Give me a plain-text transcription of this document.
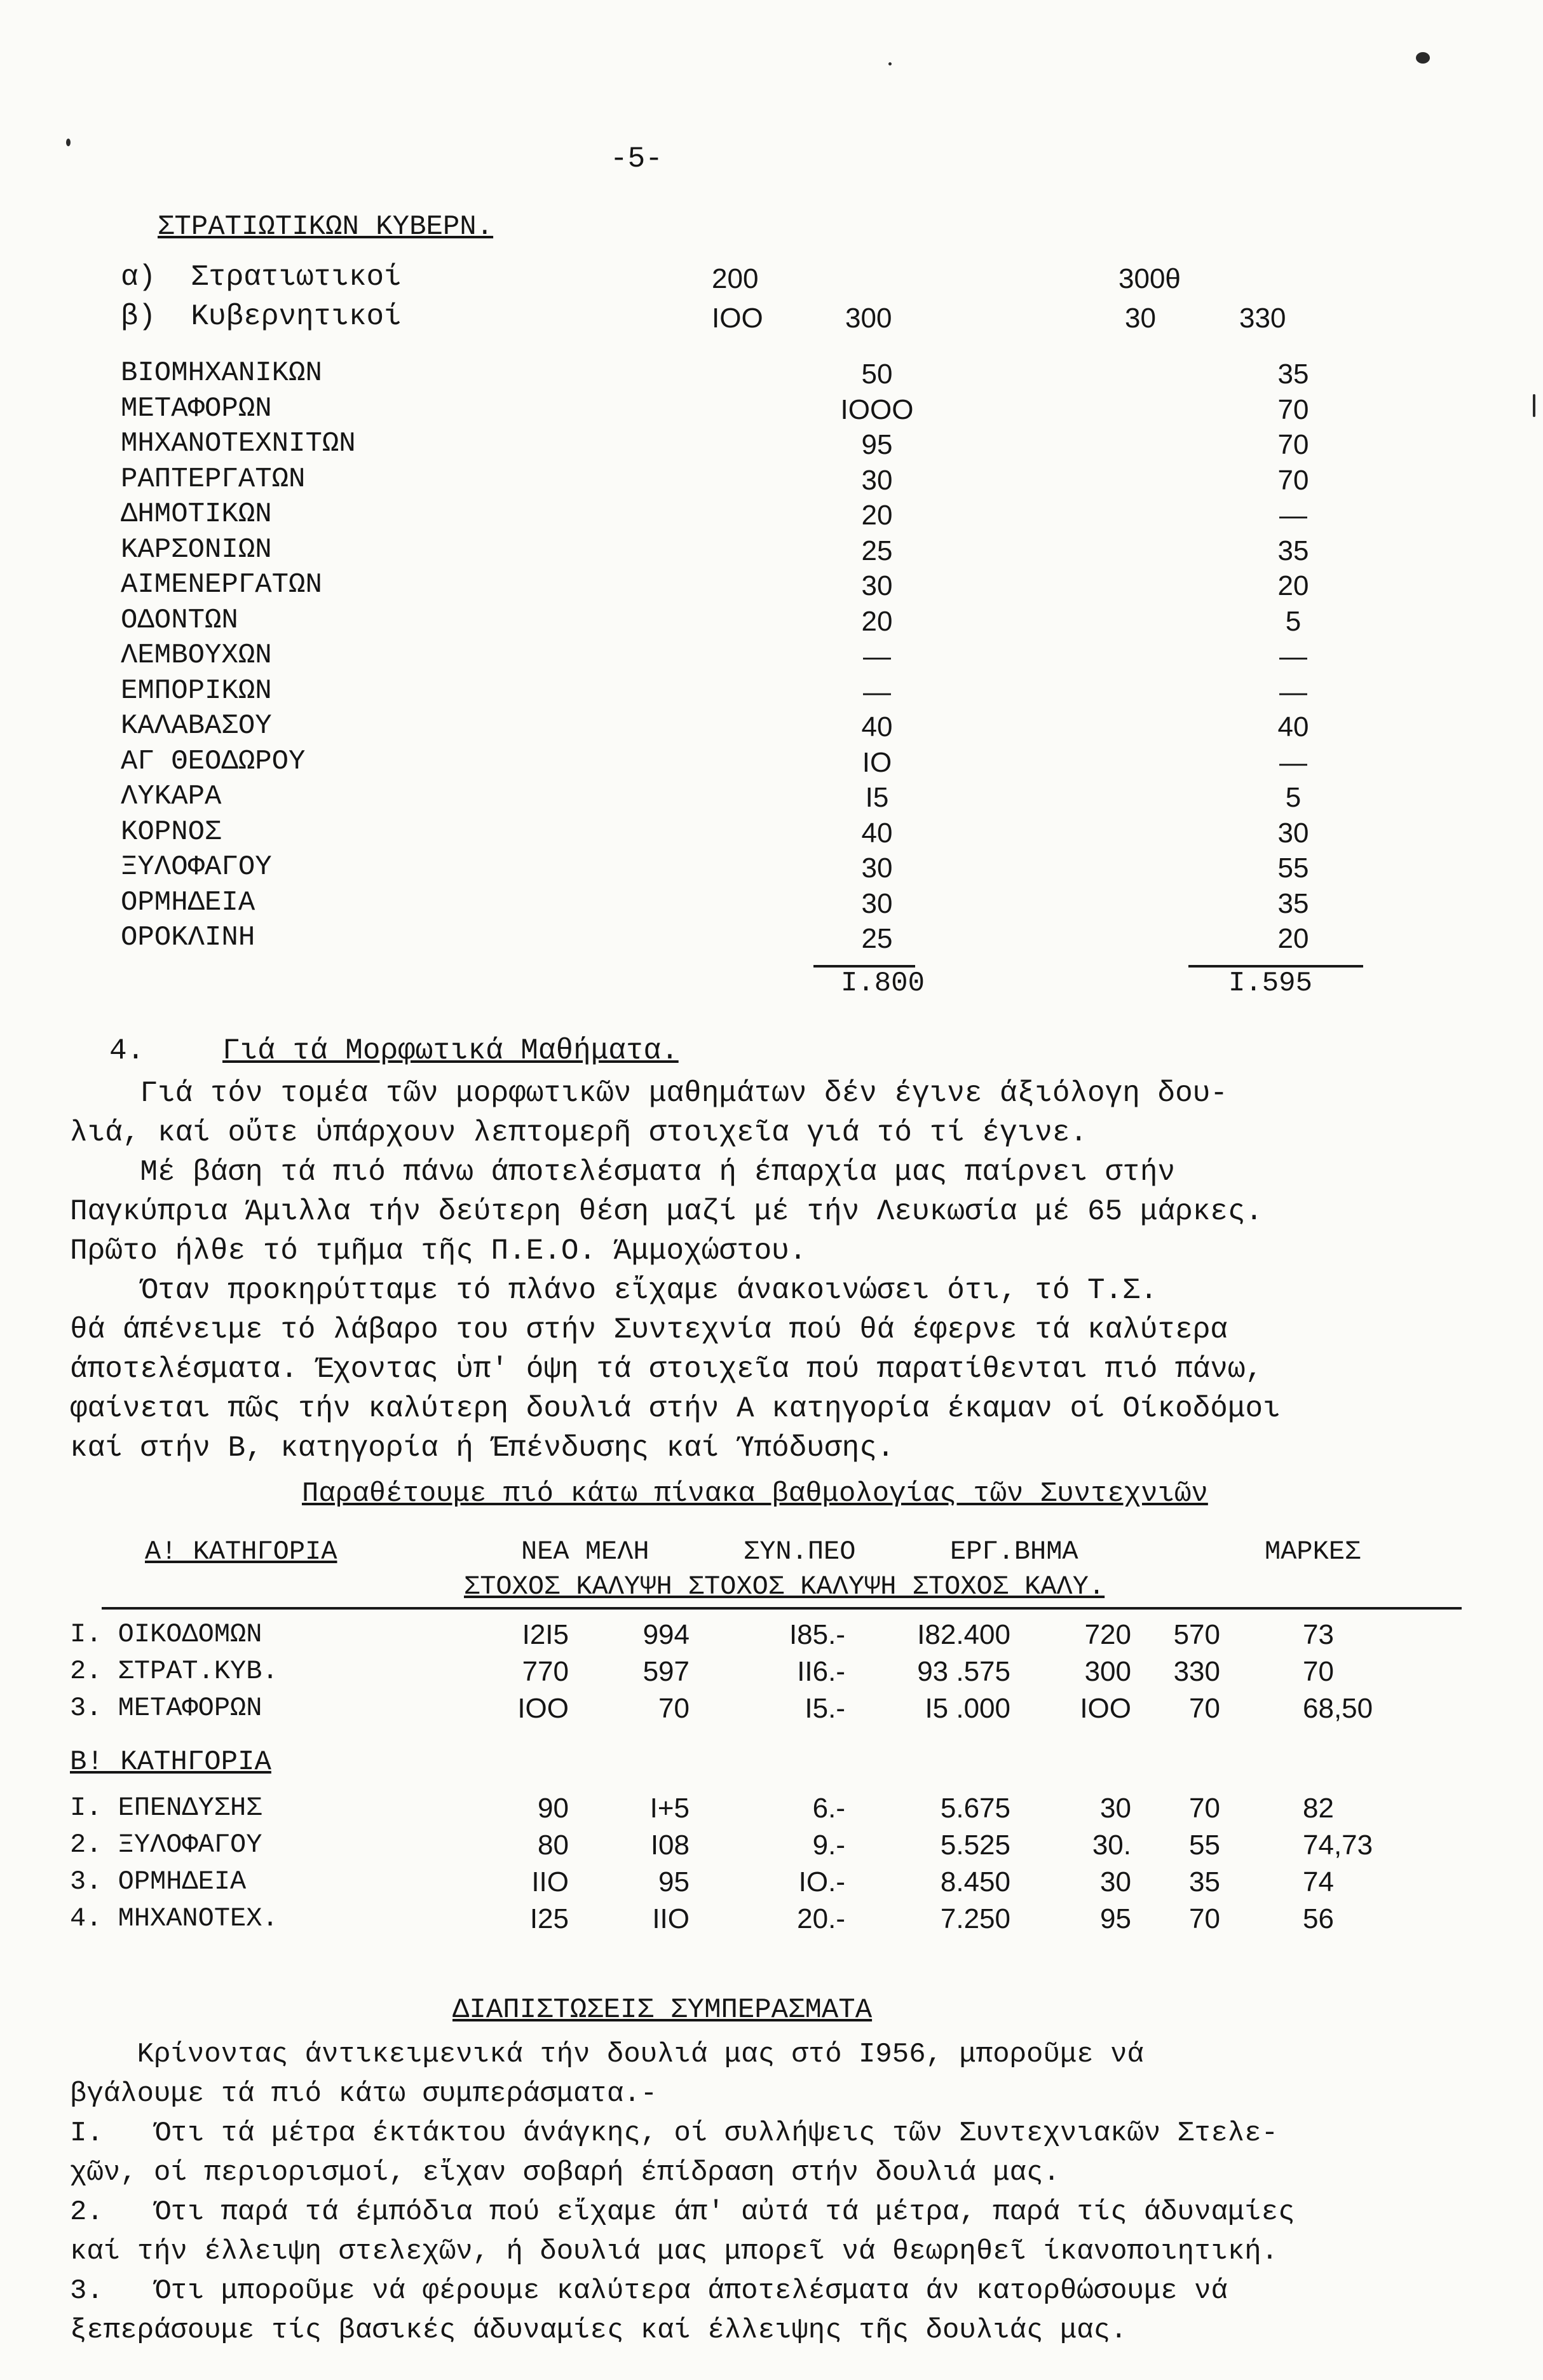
-5-
ΣΤΡΑΤΙΩΤΙΚΩΝ ΚΥΒΕΡΝ.
α)  Στρατιωτικοί	200	300θ
β)  Κυβερνητικοί	IOO	300	30	330
ΒΙΟΜΗΧΑΝΙΚΩΝ	50	35
ΜΕΤΑΦΟΡΩΝ	IOOO	70
ΜΗΧΑΝΟΤΕΧΝΙΤΩΝ	95	70
ΡΑΠΤΕΡΓΑΤΩΝ	30	70
ΔΗΜΟΤΙΚΩΝ	20	—
ΚΑΡΣΟΝΙΩΝ	25	35
ΑΙΜΕΝΕΡΓΑΤΩΝ	30	20
ΟΔΟΝΤΩΝ	20	5
ΛΕΜΒΟΥΧΩΝ	—	—
ΕΜΠΟΡΙΚΩΝ	—	—
ΚΑΛΑΒΑΣΟΥ	40	40
ΑΓ ΘΕΟΔΩΡΟΥ	IO	—
ΛΥΚΑΡΑ	I5	5
ΚΟΡΝΟΣ	40	30
ΞΥΛΟΦΑΓΟΥ	30	55
ΟΡΜΗΔΕΙΑ	30	35
ΟΡΟΚΛΙΝΗ	25	20
I.800	I.595
4.	Γιά τά Μορφωτικά Μαθήματα.
Γιά τόν τομέα τῶν μορφωτικῶν μαθημάτων δέν έγινε άξιόλογη δου-
λιά, καί οὔτε ὑπάρχουν λεπτομερῆ στοιχεῖα γιά τό τί έγινε.
Μέ βάση τά πιό πάνω άποτελέσματα ή έπαρχία μας παίρνει στήν
Παγκύπρια Άμιλλα τήν δεύτερη θέση μαζί μέ τήν Λευκωσία μέ 65 μάρκες.
Πρῶτο ήλθε τό τμῆμα τῆς Π.Ε.Ο. Άμμοχώστου.
Όταν προκηρύτταμε τό πλάνο εἴχαμε άνακοινώσει ότι, τό Τ.Σ.
θά άπένειμε τό λάβαρο του στήν Συντεχνία πού θά έφερνε τά καλύτερα
άποτελέσματα. Έχοντας ὑπ' όψη τά στοιχεῖα πού παρατίθενται πιό πάνω,
φαίνεται πῶς τήν καλύτερη δουλιά στήν Α κατηγορία έκαμαν οί Οίκοδόμοι
καί στήν Β, κατηγορία ή Έπένδυσης καί Ύπόδυσης.
Παραθέτουμε πιό κάτω πίνακα βαθμολογίας τῶν Συντεχνιῶν
Α! ΚΑΤΗΓΟΡΙΑ	ΝΕΑ ΜΕΛΗ	ΣΥΝ.ΠΕΟ	ΕΡΓ.ΒΗΜΑ	ΜΑΡΚΕΣ
ΣΤΟΧΟΣ ΚΑΛΥΨΗ ΣΤΟΧΟΣ ΚΑΛΥΨΗ ΣΤΟΧΟΣ ΚΑΛΥ.
I. ΟΙΚΟΔΟΜΩΝ	I2I5	994	I85.-	I82.400	720	570	73
2. ΣΤΡΑΤ.ΚΥΒ.	770	597	II6.-	93 .575	300	330	70
3. ΜΕΤΑΦΟΡΩΝ	IOO	70	I5.-	I5 .000	IOO	70	68,50
Β! ΚΑΤΗΓΟΡΙΑ
I. ΕΠΕΝΔΥΣΗΣ	90	I+5	6.-	5.675	30	70	82
2. ΞΥΛΟΦΑΓΟΥ	80	I08	9.-	5.525	30.	55	74,73
3. ΟΡΜΗΔΕΙΑ	IIO	95	IO.-	8.450	30	35	74
4. ΜΗΧΑΝΟΤΕΧ.	I25	IIO	20.-	7.250	95	70	56
ΔΙΑΠΙΣΤΩΣΕΙΣ ΣΥΜΠΕΡΑΣΜΑΤΑ
Κρίνοντας άντικειμενικά τήν δουλιά μας στό I956, μποροῦμε νά
βγάλουμε τά πιό κάτω συμπεράσματα.-
I.   Ότι τά μέτρα έκτάκτου άνάγκης, οί συλλήψεις τῶν Συντεχνιακῶν Στελε-
χῶν, οί περιορισμοί, εἴχαν σοβαρή έπίδραση στήν δουλιά μας.
2.   Ότι παρά τά έμπόδια πού εἴχαμε άπ' αὐτά τά μέτρα, παρά τίς άδυναμίες
καί τήν έλλειψη στελεχῶν, ή δουλιά μας μπορεῖ νά θεωρηθεῖ ίκανοποιητική.
3.   Ότι μποροῦμε νά φέρουμε καλύτερα άποτελέσματα άν κατορθώσουμε νά
ξεπεράσουμε τίς βασικές άδυναμίες καί έλλειψης τῆς δουλιάς μας.
